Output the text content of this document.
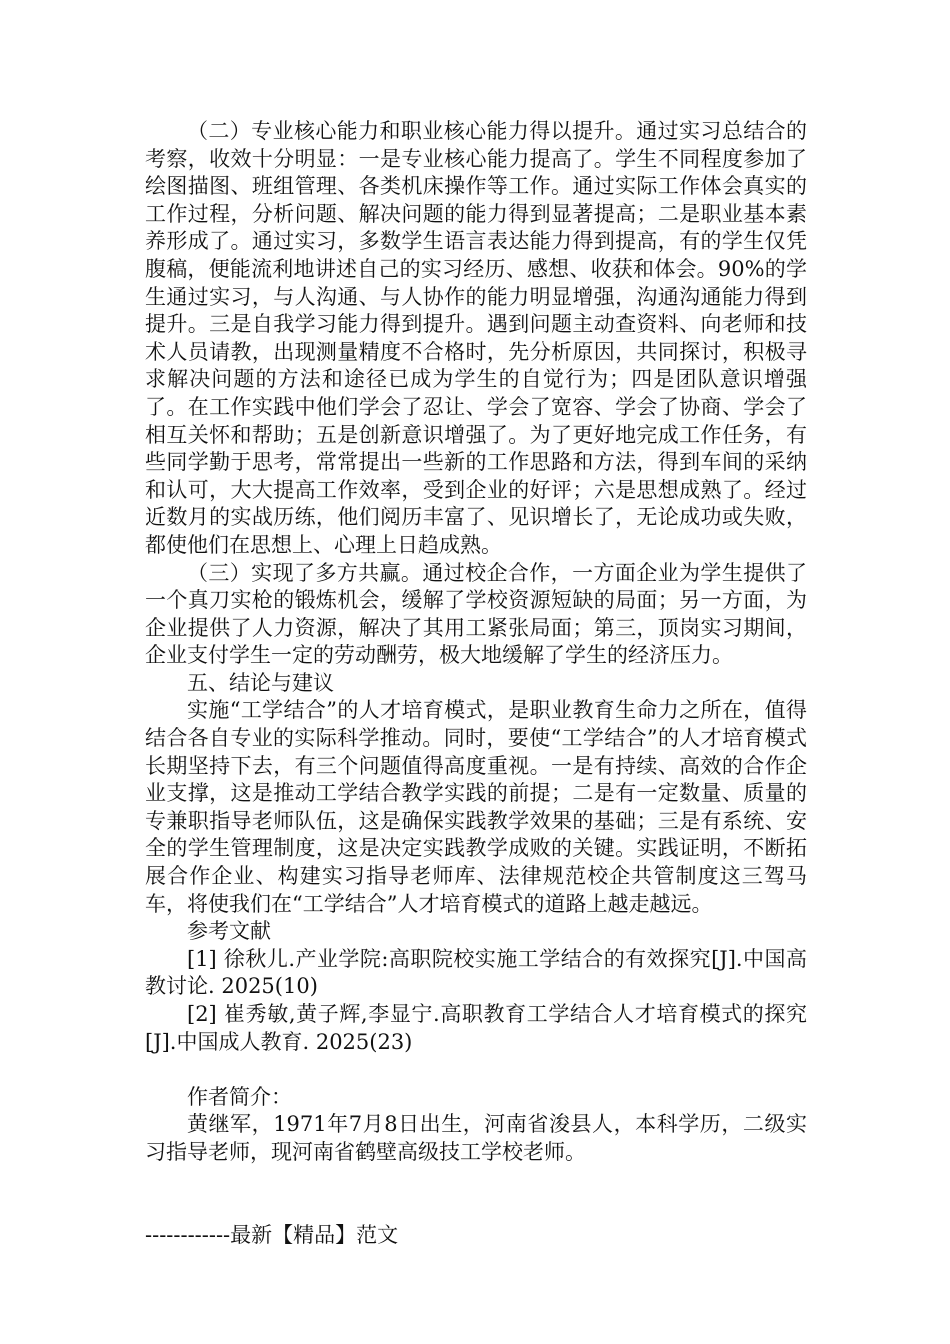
（二）专业核心能力和职业核心能力得以提升。通过实习总结合的考察，收效十分明显：一是专业核心能力提高了。学生不同程度参加了绘图描图、班组管理、各类机床操作等工作。通过实际工作体会真实的工作过程，分析问题、解决问题的能力得到显著提高；二是职业基本素养形成了。通过实习，多数学生语言表达能力得到提高，有的学生仅凭腹稿，便能流利地讲述自己的实习经历、感想、收获和体会。90%的学生通过实习，与人沟通、与人协作的能力明显增强，沟通沟通能力得到提升。三是自我学习能力得到提升。遇到问题主动查资料、向老师和技术人员请教，出现测量精度不合格时，先分析原因，共同探讨，积极寻求解决问题的方法和途径已成为学生的自觉行为；四是团队意识增强了。在工作实践中他们学会了忍让、学会了宽容、学会了协商、学会了相互关怀和帮助；五是创新意识增强了。为了更好地完成工作任务，有些同学勤于思考，常常提出一些新的工作思路和方法，得到车间的采纳和认可，大大提高工作效率，受到企业的好评；六是思想成熟了。经过近数月的实战历练，他们阅历丰富了、见识增长了，无论成功或失败，都使他们在思想上、心理上日趋成熟。

（三）实现了多方共赢。通过校企合作，一方面企业为学生提供了一个真刀实枪的锻炼机会，缓解了学校资源短缺的局面；另一方面，为企业提供了人力资源，解决了其用工紧张局面；第三，顶岗实习期间，企业支付学生一定的劳动酬劳，极大地缓解了学生的经济压力。

五、结论与建议

实施“工学结合”的人才培育模式，是职业教育生命力之所在，值得结合各自专业的实际科学推动。同时，要使“工学结合”的人才培育模式长期坚持下去，有三个问题值得高度重视。一是有持续、高效的合作企业支撑，这是推动工学结合教学实践的前提；二是有一定数量、质量的专兼职指导老师队伍，这是确保实践教学效果的基础；三是有系统、安全的学生管理制度，这是决定实践教学成败的关键。实践证明，不断拓展合作企业、构建实习指导老师库、法律规范校企共管制度这三驾马车，将使我们在“工学结合”人才培育模式的道路上越走越远。

参考文献

[1] 徐秋儿.产业学院:高职院校实施工学结合的有效探究[J].中国高教讨论. 2025(10)

[2] 崔秀敏,黄子辉,李显宁.高职教育工学结合人才培育模式的探究[J].中国成人教育. 2025(23)

作者简介：

黄继军，1971年7月8日出生，河南省浚县人，本科学历，二级实习指导老师，现河南省鹤壁高级技工学校老师。

------------最新【精品】范文
